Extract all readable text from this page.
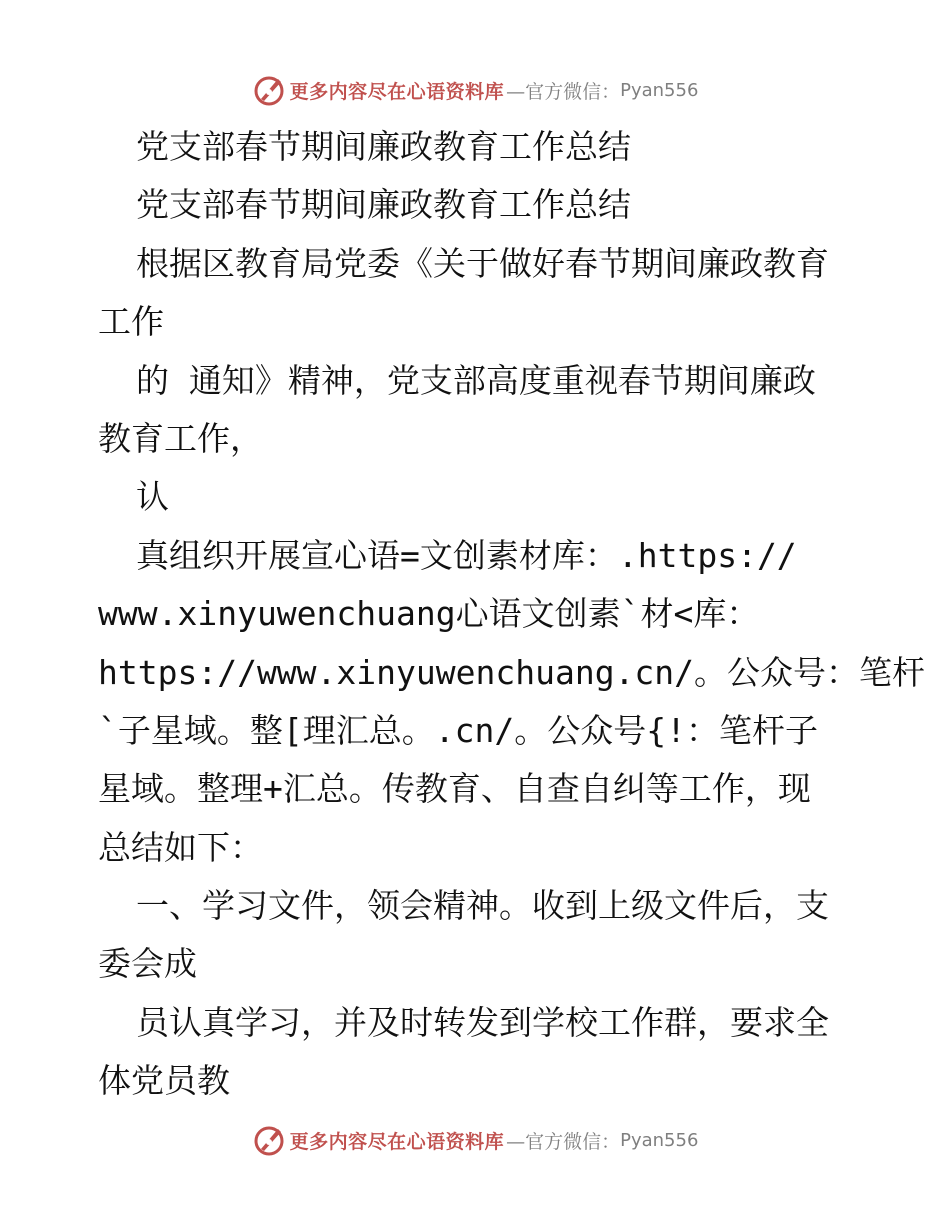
更多内容尽在心语资料库 —官方微信： Pyan556
党支部春节期间廉政教育工作总结
党支部春节期间廉政教育工作总结
根据区教育局党委《关于做好春节期间廉政教育
工作
的 通知》精神，党支部高度重视春节期间廉政
教育工作，
认
真组织开展宣心语=文创素材库：.https://
www.xinyuwenchuang心语文创素`材<库：
https://www.xinyuwenchuang.cn/。公众号：笔杆
`子星域。整[理汇总。.cn/。公众号{!：笔杆子
星域。整理+汇总。传教育、自查自纠等工作，现
总结如下：
一、学习文件，领会精神。收到上级文件后，支
委会成
员认真学习，并及时转发到学校工作群，要求全
体党员教
更多内容尽在心语资料库 —官方微信： Pyan556
